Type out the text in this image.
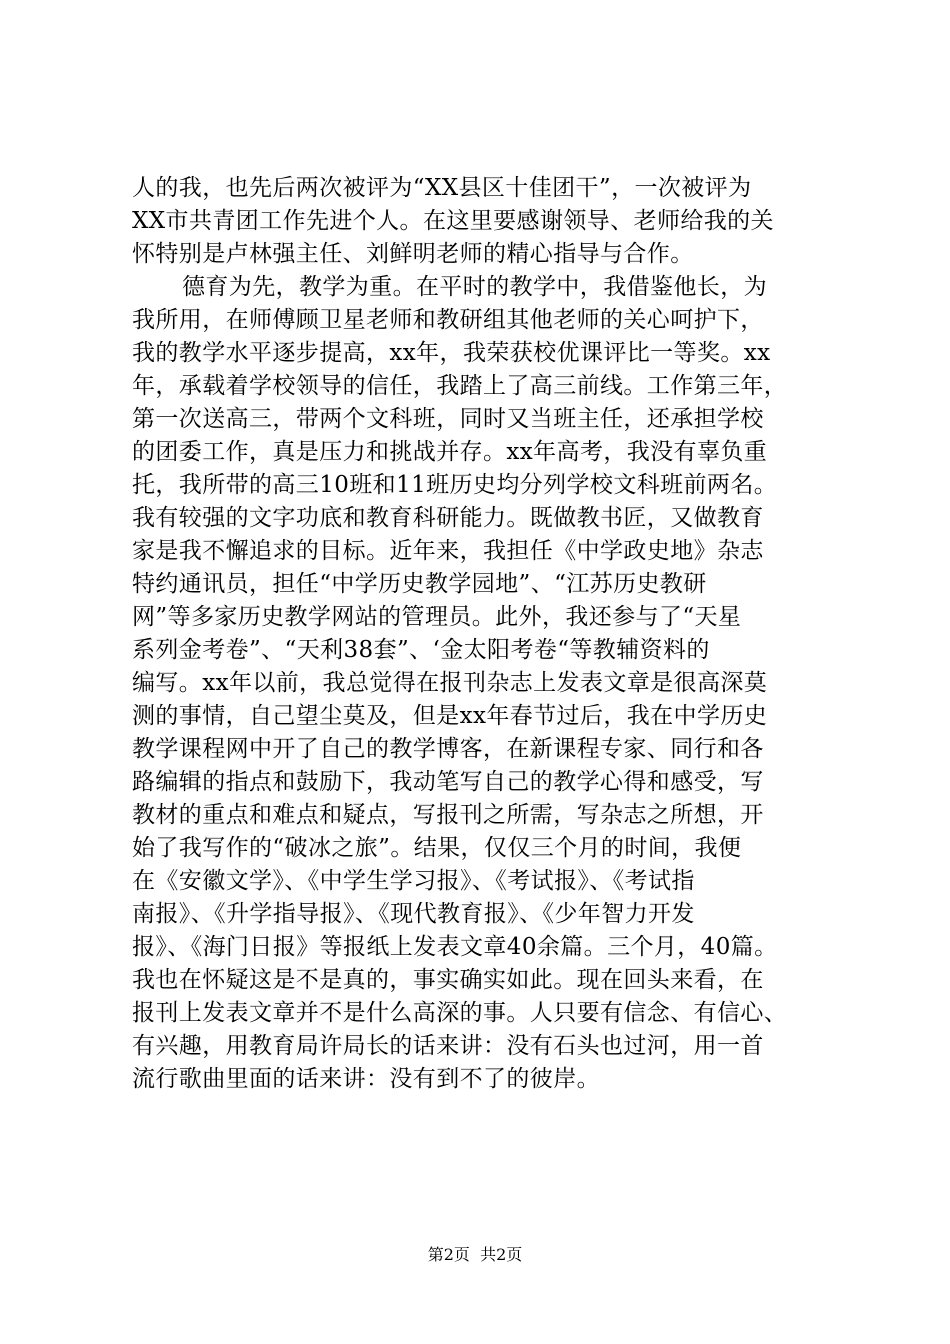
人的我，也先后两次被评为“XX县区十佳团干”，一次被评为
XX市共青团工作先进个人。在这里要感谢领导、老师给我的关
怀特别是卢林强主任、刘鲜明老师的精心指导与合作。
德育为先，教学为重。在平时的教学中，我借鉴他长，为
我所用，在师傅顾卫星老师和教研组其他老师的关心呵护下，
我的教学水平逐步提高，xx年，我荣获校优课评比一等奖。xx
年，承载着学校领导的信任，我踏上了高三前线。工作第三年，
第一次送高三，带两个文科班，同时又当班主任，还承担学校
的团委工作，真是压力和挑战并存。xx年高考，我没有辜负重
托，我所带的高三10班和11班历史均分列学校文科班前两名。
我有较强的文字功底和教育科研能力。既做教书匠，又做教育
家是我不懈追求的目标。近年来，我担任《中学政史地》杂志
特约通讯员，担任“中学历史教学园地”、“江苏历史教研
网”等多家历史教学网站的管理员。此外，我还参与了“天星
系列金考卷”、“天利38套”、‘金太阳考卷“等教辅资料的
编写。xx年以前，我总觉得在报刊杂志上发表文章是很高深莫
测的事情，自己望尘莫及，但是xx年春节过后，我在中学历史
教学课程网中开了自己的教学博客，在新课程专家、同行和各
路编辑的指点和鼓励下，我动笔写自己的教学心得和感受，写
教材的重点和难点和疑点，写报刊之所需，写杂志之所想，开
始了我写作的“破冰之旅”。结果，仅仅三个月的时间，我便
在《安徽文学》、《中学生学习报》、《考试报》、《考试指
南报》、《升学指导报》、《现代教育报》、《少年智力开发
报》、《海门日报》等报纸上发表文章40余篇。三个月，40篇。
我也在怀疑这是不是真的，事实确实如此。现在回头来看，在
报刊上发表文章并不是什么高深的事。人只要有信念、有信心、
有兴趣，用教育局许局长的话来讲：没有石头也过河，用一首
流行歌曲里面的话来讲：没有到不了的彼岸。
第2页  共2页
